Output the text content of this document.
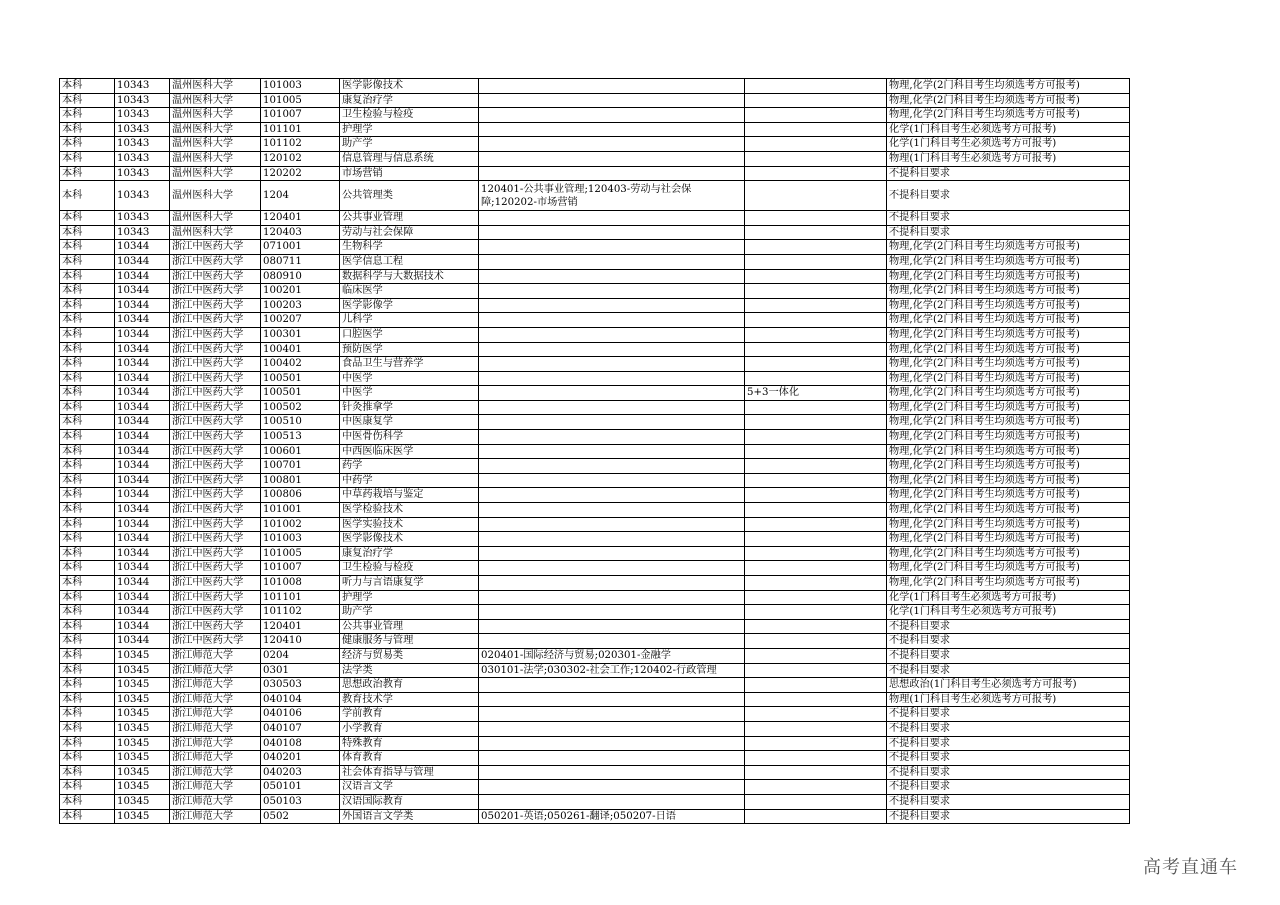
本科	10343	温州医科大学	101003	医学影像技术			物理,化学(2门科目考生均须选考方可报考)
本科	10343	温州医科大学	101005	康复治疗学			物理,化学(2门科目考生均须选考方可报考)
本科	10343	温州医科大学	101007	卫生检验与检疫			物理,化学(2门科目考生均须选考方可报考)
本科	10343	温州医科大学	101101	护理学			化学(1门科目考生必须选考方可报考)
本科	10343	温州医科大学	101102	助产学			化学(1门科目考生必须选考方可报考)
本科	10343	温州医科大学	120102	信息管理与信息系统			物理(1门科目考生必须选考方可报考)
本科	10343	温州医科大学	120202	市场营销			不提科目要求
本科	10343	温州医科大学	1204	公共管理类	120401-公共事业管理;120403-劳动与社会保障;120202-市场营销		不提科目要求
本科	10343	温州医科大学	120401	公共事业管理			不提科目要求
本科	10343	温州医科大学	120403	劳动与社会保障			不提科目要求
本科	10344	浙江中医药大学	071001	生物科学			物理,化学(2门科目考生均须选考方可报考)
本科	10344	浙江中医药大学	080711	医学信息工程			物理,化学(2门科目考生均须选考方可报考)
本科	10344	浙江中医药大学	080910	数据科学与大数据技术			物理,化学(2门科目考生均须选考方可报考)
本科	10344	浙江中医药大学	100201	临床医学			物理,化学(2门科目考生均须选考方可报考)
本科	10344	浙江中医药大学	100203	医学影像学			物理,化学(2门科目考生均须选考方可报考)
本科	10344	浙江中医药大学	100207	儿科学			物理,化学(2门科目考生均须选考方可报考)
本科	10344	浙江中医药大学	100301	口腔医学			物理,化学(2门科目考生均须选考方可报考)
本科	10344	浙江中医药大学	100401	预防医学			物理,化学(2门科目考生均须选考方可报考)
本科	10344	浙江中医药大学	100402	食品卫生与营养学			物理,化学(2门科目考生均须选考方可报考)
本科	10344	浙江中医药大学	100501	中医学			物理,化学(2门科目考生均须选考方可报考)
本科	10344	浙江中医药大学	100501	中医学		5+3一体化	物理,化学(2门科目考生均须选考方可报考)
本科	10344	浙江中医药大学	100502	针灸推拿学			物理,化学(2门科目考生均须选考方可报考)
本科	10344	浙江中医药大学	100510	中医康复学			物理,化学(2门科目考生均须选考方可报考)
本科	10344	浙江中医药大学	100513	中医骨伤科学			物理,化学(2门科目考生均须选考方可报考)
本科	10344	浙江中医药大学	100601	中西医临床医学			物理,化学(2门科目考生均须选考方可报考)
本科	10344	浙江中医药大学	100701	药学			物理,化学(2门科目考生均须选考方可报考)
本科	10344	浙江中医药大学	100801	中药学			物理,化学(2门科目考生均须选考方可报考)
本科	10344	浙江中医药大学	100806	中草药栽培与鉴定			物理,化学(2门科目考生均须选考方可报考)
本科	10344	浙江中医药大学	101001	医学检验技术			物理,化学(2门科目考生均须选考方可报考)
本科	10344	浙江中医药大学	101002	医学实验技术			物理,化学(2门科目考生均须选考方可报考)
本科	10344	浙江中医药大学	101003	医学影像技术			物理,化学(2门科目考生均须选考方可报考)
本科	10344	浙江中医药大学	101005	康复治疗学			物理,化学(2门科目考生均须选考方可报考)
本科	10344	浙江中医药大学	101007	卫生检验与检疫			物理,化学(2门科目考生均须选考方可报考)
本科	10344	浙江中医药大学	101008	听力与言语康复学			物理,化学(2门科目考生均须选考方可报考)
本科	10344	浙江中医药大学	101101	护理学			化学(1门科目考生必须选考方可报考)
本科	10344	浙江中医药大学	101102	助产学			化学(1门科目考生必须选考方可报考)
本科	10344	浙江中医药大学	120401	公共事业管理			不提科目要求
本科	10344	浙江中医药大学	120410	健康服务与管理			不提科目要求
本科	10345	浙江师范大学	0204	经济与贸易类	020401-国际经济与贸易;020301-金融学		不提科目要求
本科	10345	浙江师范大学	0301	法学类	030101-法学;030302-社会工作;120402-行政管理		不提科目要求
本科	10345	浙江师范大学	030503	思想政治教育			思想政治(1门科目考生必须选考方可报考)
本科	10345	浙江师范大学	040104	教育技术学			物理(1门科目考生必须选考方可报考)
本科	10345	浙江师范大学	040106	学前教育			不提科目要求
本科	10345	浙江师范大学	040107	小学教育			不提科目要求
本科	10345	浙江师范大学	040108	特殊教育			不提科目要求
本科	10345	浙江师范大学	040201	体育教育			不提科目要求
本科	10345	浙江师范大学	040203	社会体育指导与管理			不提科目要求
本科	10345	浙江师范大学	050101	汉语言文学			不提科目要求
本科	10345	浙江师范大学	050103	汉语国际教育			不提科目要求
本科	10345	浙江师范大学	0502	外国语言文学类	050201-英语;050261-翻译;050207-日语		不提科目要求
高考直通车
